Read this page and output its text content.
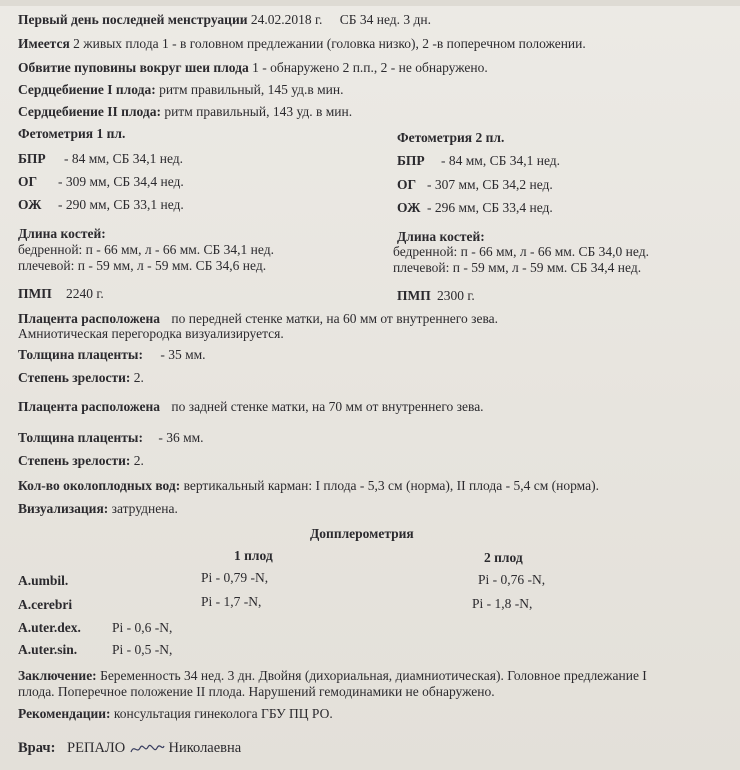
Первый день последней менструации 24.02.2018 г. СБ 34 нед. 3 дн.
Имеется 2 живых плода 1 - в головном предлежании (головка низко), 2 -в поперечном положении.
Обвитие пуповины вокруг шеи плода 1 - обнаружено 2 п.п., 2 - не обнаружено.
Сердцебиение I плода: ритм правильный, 145 уд.в мин.
Сердцебиение II плода: ритм правильный, 143 уд. в мин.
Фетометрия 1 пл.
БПР - 84 мм, СБ 34,1 нед.
ОГ - 309 мм, СБ 34,4 нед.
ОЖ - 290 мм, СБ 33,1 нед.
Длина костей:
бедренной: п - 66 мм, л - 66 мм. СБ 34,1 нед.
плечевой: п - 59 мм, л - 59 мм. СБ 34,6 нед.
ПМП 2240 г.
Фетометрия 2 пл.
БПР - 84 мм, СБ 34,1 нед.
ОГ - 307 мм, СБ 34,2 нед.
ОЖ - 296 мм, СБ 33,4 нед.
Длина костей:
бедренной: п - 66 мм, л - 66 мм. СБ 34,0 нед.
плечевой: п - 59 мм, л - 59 мм. СБ 34,4 нед.
ПМП 2300 г.
Плацента расположена по передней стенке матки, на 60 мм от внутреннего зева.
Амниотическая перегородка визуализируется.
Толщина плаценты: - 35 мм.
Степень зрелости: 2.
Плацента расположена по задней стенке матки, на 70 мм от внутреннего зева.
Толщина плаценты: - 36 мм.
Степень зрелости: 2.
Кол-во околоплодных вод: вертикальный карман: I плода - 5,3 см (норма), II плода - 5,4 см (норма).
Визуализация: затруднена.
Допплерометрия
1 плод	2 плод
A.umbil.	Pi - 0,79 -N,	Pi - 0,76 -N,
A.cerebri	Pi - 1,7 -N,	Pi - 1,8 -N,
A.uter.dex. Pi - 0,6 -N,
A.uter.sin.	Pi - 0,5 -N,
Заключение: Беременность 34 нед. 3 дн. Двойня (дихориальная, диамниотическая). Головное предлежание I
плода. Поперечное положение II плода. Нарушений гемодинамики не обнаружено.
Рекомендации: консультация гинеколога ГБУ ПЦ РО.
Врач: РЕПАЛО	Николаевна
